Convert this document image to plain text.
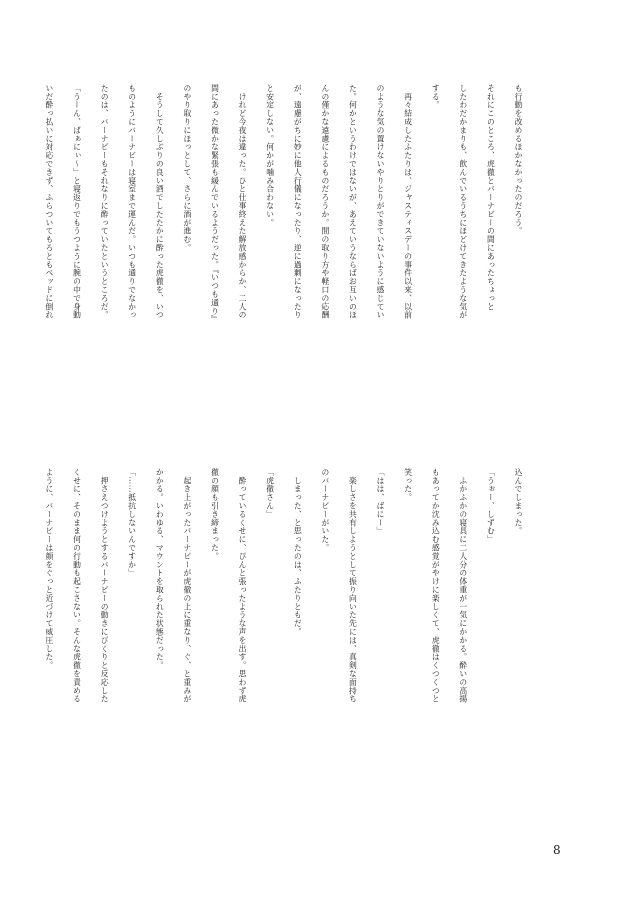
も行動を改めるほかなかったのだろう。

それにこのところ、虎徹とバーナビーの間にあったちょっと

したわだかまりも、飲んでいるうちにほどけてきたような気が

する。

　再々結成したふたりは、ジャスティスデーの事件以来、以前

のような気の置けないやりとりができていないように感じてい

た。何かというわけではないが、あえていうならばお互いのほ

んの僅かな遠慮によるものだろうか。間の取り方や軽口の応酬

が、遠慮がちに妙に他人行儀になったり、逆に過剰になったり

と安定しない。何かが噛み合わない。

　けれど今夜は違った。ひと仕事終えた解放感からか、二人の

間にあった微かな緊張も緩んでいるようだった。『いつも通り』

のやり取りにほっとして、さらに酒が進む。

　そうして久しぶりの良い酒でしたたかに酔った虎徹を、いつ

ものようにバーナビーは寝室まで運んだ。いつも通りでなかっ

たのは、バーナビーもそれなりに酔っていたというところだ。

「うーん、ばぁにぃ～」と寝返りでもうつように腕の中で身動

いだ酔っ払いに対応できず、ふらついてもろともベッドに倒れ

込んでしまった。

「うぉー、しずむ」

　ふかふかの寝具に二人分の体重が一気にかかる。酔いの高揚

もあってか沈み込む感覚がやけに楽しくて、虎徹はくつくつと

笑った。

「はは、ばにー」

　楽しさを共有しようとして振り向いた先には、真剣な面持ち

のバーナビーがいた。

　しまった、と思ったのは、ふたりともだ。

「虎徹さん」

　酔っているくせに、ぴんと張ったような声を出す。思わず虎

徹の顔も引き締まった。

　起き上がったバーナビーが虎徹の上に重なり、ぐ、と重みが

かかる。いわゆる、マウントを取られた状態だった。

「……抵抗しないんですか」

　押さえつけようとするバーナビーの動きにびくりと反応した

くせに、そのまま何の行動も起こさない。そんな虎徹を責める

ように、バーナビーは顔をぐっと近づけて威圧した。

8
